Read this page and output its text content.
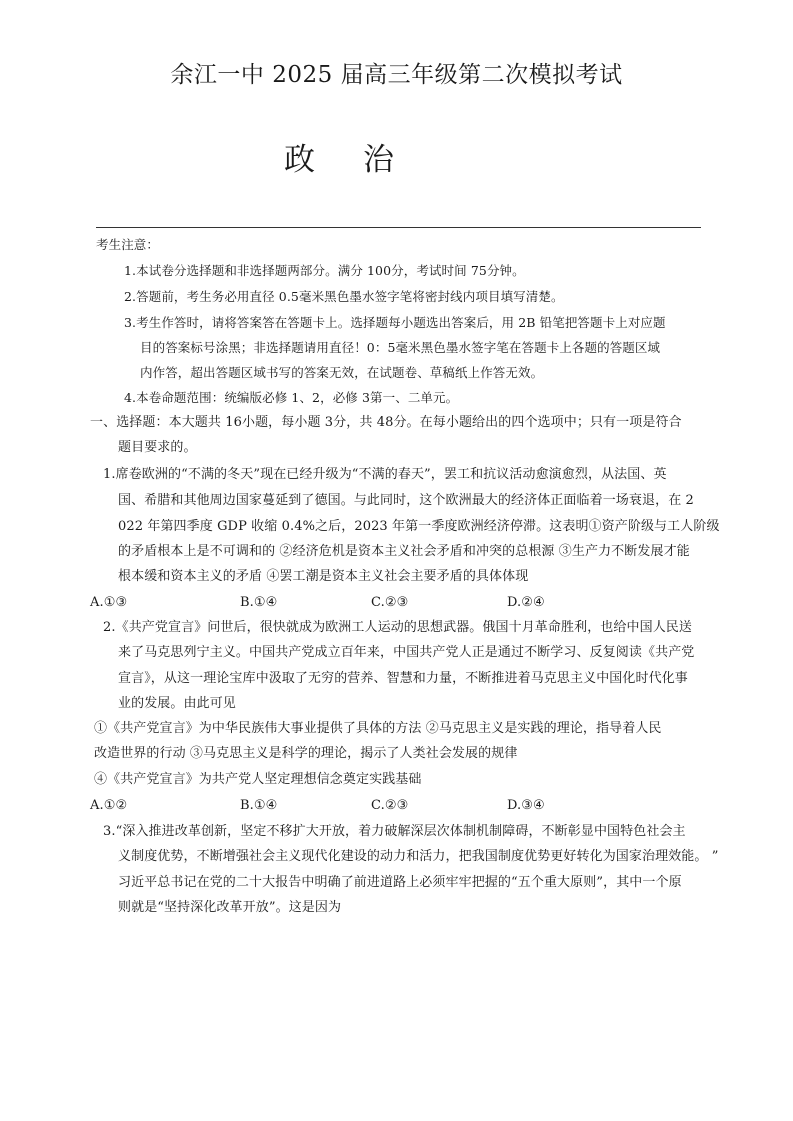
余江一中 2025 届高三年级第二次模拟考试
政 治
考生注意：
1.本试卷分选择题和非选择题两部分。满分 100分，考试时间 75分钟。
2.答题前，考生务必用直径 0.5毫米黑色墨水签字笔将密封线内项目填写清楚。
3.考生作答时，请将答案答在答题卡上。选择题每小题选出答案后，用 2B 铅笔把答题卡上对应题
目的答案标号涂黑；非选择题请用直径！0：5毫米黑色墨水签字笔在答题卡上各题的答题区域
内作答，超出答题区域书写的答案无效，在试题卷、草稿纸上作答无效。
4.本卷命题范围：统编版必修 1、2，必修 3第一、二单元。
一、选择题：本大题共 16小题，每小题 3分，共 48分。在每小题给出的四个选项中；只有一项是符合
题目要求的。
1.席卷欧洲的“不满的冬天”现在已经升级为“不满的春天”，罢工和抗议活动愈演愈烈，从法国、英
国、希腊和其他周边国家蔓延到了德国。与此同时，这个欧洲最大的经济体正面临着一场衰退，在 2
022 年第四季度 GDP 收缩 0.4%之后，2023 年第一季度欧洲经济停滞。这表明①资产阶级与工人阶级
的矛盾根本上是不可调和的 ②经济危机是资本主义社会矛盾和冲突的总根源 ③生产力不断发展才能
根本缓和资本主义的矛盾 ④罢工潮是资本主义社会主要矛盾的具体体现
A.①③	B.①④	C.②③	D.②④
2.《共产党宣言》问世后，很快就成为欧洲工人运动的思想武器。俄国十月革命胜利，也给中国人民送
来了马克思列宁主义。中国共产党成立百年来，中国共产党人正是通过不断学习、反复阅读《共产党
宣言》，从这一理论宝库中汲取了无穷的营养、智慧和力量，不断推进着马克思主义中国化时代化事
业的发展。由此可见
①《共产党宣言》为中华民族伟大事业提供了具体的方法 ②马克思主义是实践的理论，指导着人民
改造世界的行动 ③马克思主义是科学的理论，揭示了人类社会发展的规律
④《共产党宣言》为共产党人坚定理想信念奠定实践基础
A.①②	B.①④	C.②③	D.③④
3.“深入推进改革创新，坚定不移扩大开放，着力破解深层次体制机制障碍，不断彰显中国特色社会主
义制度优势，不断增强社会主义现代化建设的动力和活力，把我国制度优势更好转化为国家治理效能。 ”
习近平总书记在党的二十大报告中明确了前进道路上必须牢牢把握的“五个重大原则”，其中一个原
则就是“坚持深化改革开放”。这是因为
